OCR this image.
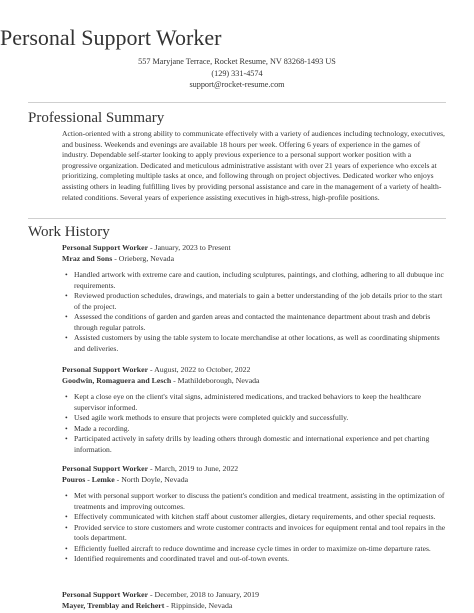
Personal Support Worker
557 Maryjane Terrace, Rocket Resume, NV 83268-1493 US
(129) 331-4574
support@rocket-resume.com
Professional Summary
Action-oriented with a strong ability to communicate effectively with a variety of audiences including technology, executives, and business. Weekends and evenings are available 18 hours per week. Offering 6 years of experience in the games of industry. Dependable self-starter looking to apply previous experience to a personal support worker position with a progressive organization. Dedicated and meticulous administrative assistant with over 21 years of experience who excels at prioritizing, completing multiple tasks at once, and following through on project objectives. Dedicated worker who enjoys assisting others in leading fulfilling lives by providing personal assistance and care in the management of a variety of health-related conditions. Several years of experience assisting executives in high-stress, high-profile positions.
Work History
Personal Support Worker - January, 2023 to Present
Mraz and Sons - Orieberg, Nevada
• Handled artwork with extreme care and caution, including sculptures, paintings, and clothing, adhering to all dubuque inc requirements.
• Reviewed production schedules, drawings, and materials to gain a better understanding of the job details prior to the start of the project.
• Assessed the conditions of garden and garden areas and contacted the maintenance department about trash and debris through regular patrols.
• Assisted customers by using the table system to locate merchandise at other locations, as well as coordinating shipments and deliveries.
Personal Support Worker - August, 2022 to October, 2022
Goodwin, Romaguera and Lesch - Mathildeborough, Nevada
• Kept a close eye on the client's vital signs, administered medications, and tracked behaviors to keep the healthcare supervisor informed.
• Used agile work methods to ensure that projects were completed quickly and successfully.
• Made a recording.
• Participated actively in safety drills by leading others through domestic and international experience and pet charting information.
Personal Support Worker - March, 2019 to June, 2022
Pouros - Lemke - North Doyle, Nevada
• Met with personal support worker to discuss the patient's condition and medical treatment, assisting in the optimization of treatments and improving outcomes.
• Effectively communicated with kitchen staff about customer allergies, dietary requirements, and other special requests.
• Provided service to store customers and wrote customer contracts and invoices for equipment rental and tool repairs in the tools department.
• Efficiently fuelled aircraft to reduce downtime and increase cycle times in order to maximize on-time departure rates.
• Identified requirements and coordinated travel and out-of-town events.
Personal Support Worker - December, 2018 to January, 2019
Mayer, Tremblay and Reichert - Rippinside, Nevada
